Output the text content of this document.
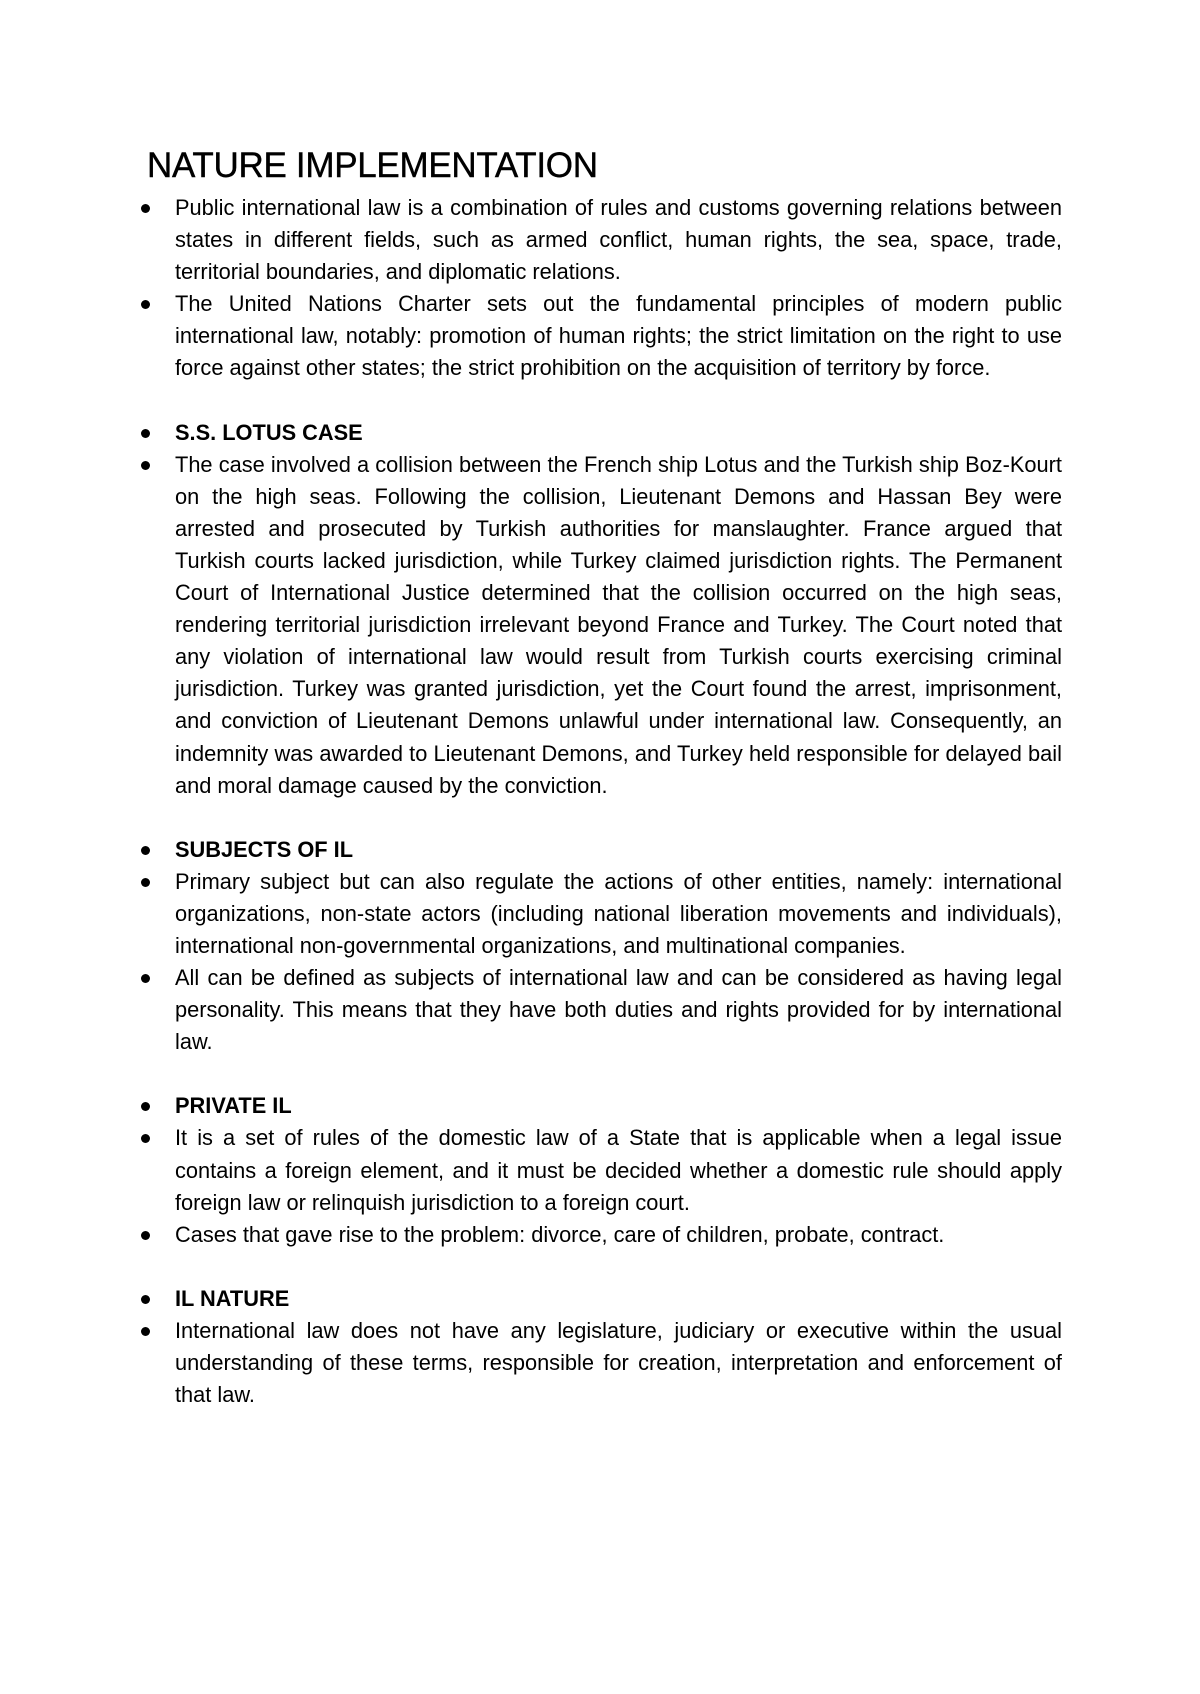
NATURE IMPLEMENTATION
Public international law is a combination of rules and customs governing relations between states in different fields, such as armed conflict, human rights, the sea, space, trade, territorial boundaries, and diplomatic relations.
The United Nations Charter sets out the fundamental principles of modern public international law, notably: promotion of human rights; the strict limitation on the right to use force against other states; the strict prohibition on the acquisition of territory by force.
S.S. LOTUS CASE
The case involved a collision between the French ship Lotus and the Turkish ship Boz-Kourt on the high seas. Following the collision, Lieutenant Demons and Hassan Bey were arrested and prosecuted by Turkish authorities for manslaughter. France argued that Turkish courts lacked jurisdiction, while Turkey claimed jurisdiction rights. The Permanent Court of International Justice determined that the collision occurred on the high seas, rendering territorial jurisdiction irrelevant beyond France and Turkey. The Court noted that any violation of international law would result from Turkish courts exercising criminal jurisdiction. Turkey was granted jurisdiction, yet the Court found the arrest, imprisonment, and conviction of Lieutenant Demons unlawful under international law. Consequently, an indemnity was awarded to Lieutenant Demons, and Turkey held responsible for delayed bail and moral damage caused by the conviction.
SUBJECTS OF IL
Primary subject but can also regulate the actions of other entities, namely: international organizations, non-state actors (including national liberation movements and individuals), international non-governmental organizations, and multinational companies.
All can be defined as subjects of international law and can be considered as having legal personality. This means that they have both duties and rights provided for by international law.
PRIVATE IL
It is a set of rules of the domestic law of a State that is applicable when a legal issue contains a foreign element, and it must be decided whether a domestic rule should apply foreign law or relinquish jurisdiction to a foreign court.
Cases that gave rise to the problem: divorce, care of children, probate, contract.
IL NATURE
International law does not have any legislature, judiciary or executive within the usual understanding of these terms, responsible for creation, interpretation and enforcement of that law.
